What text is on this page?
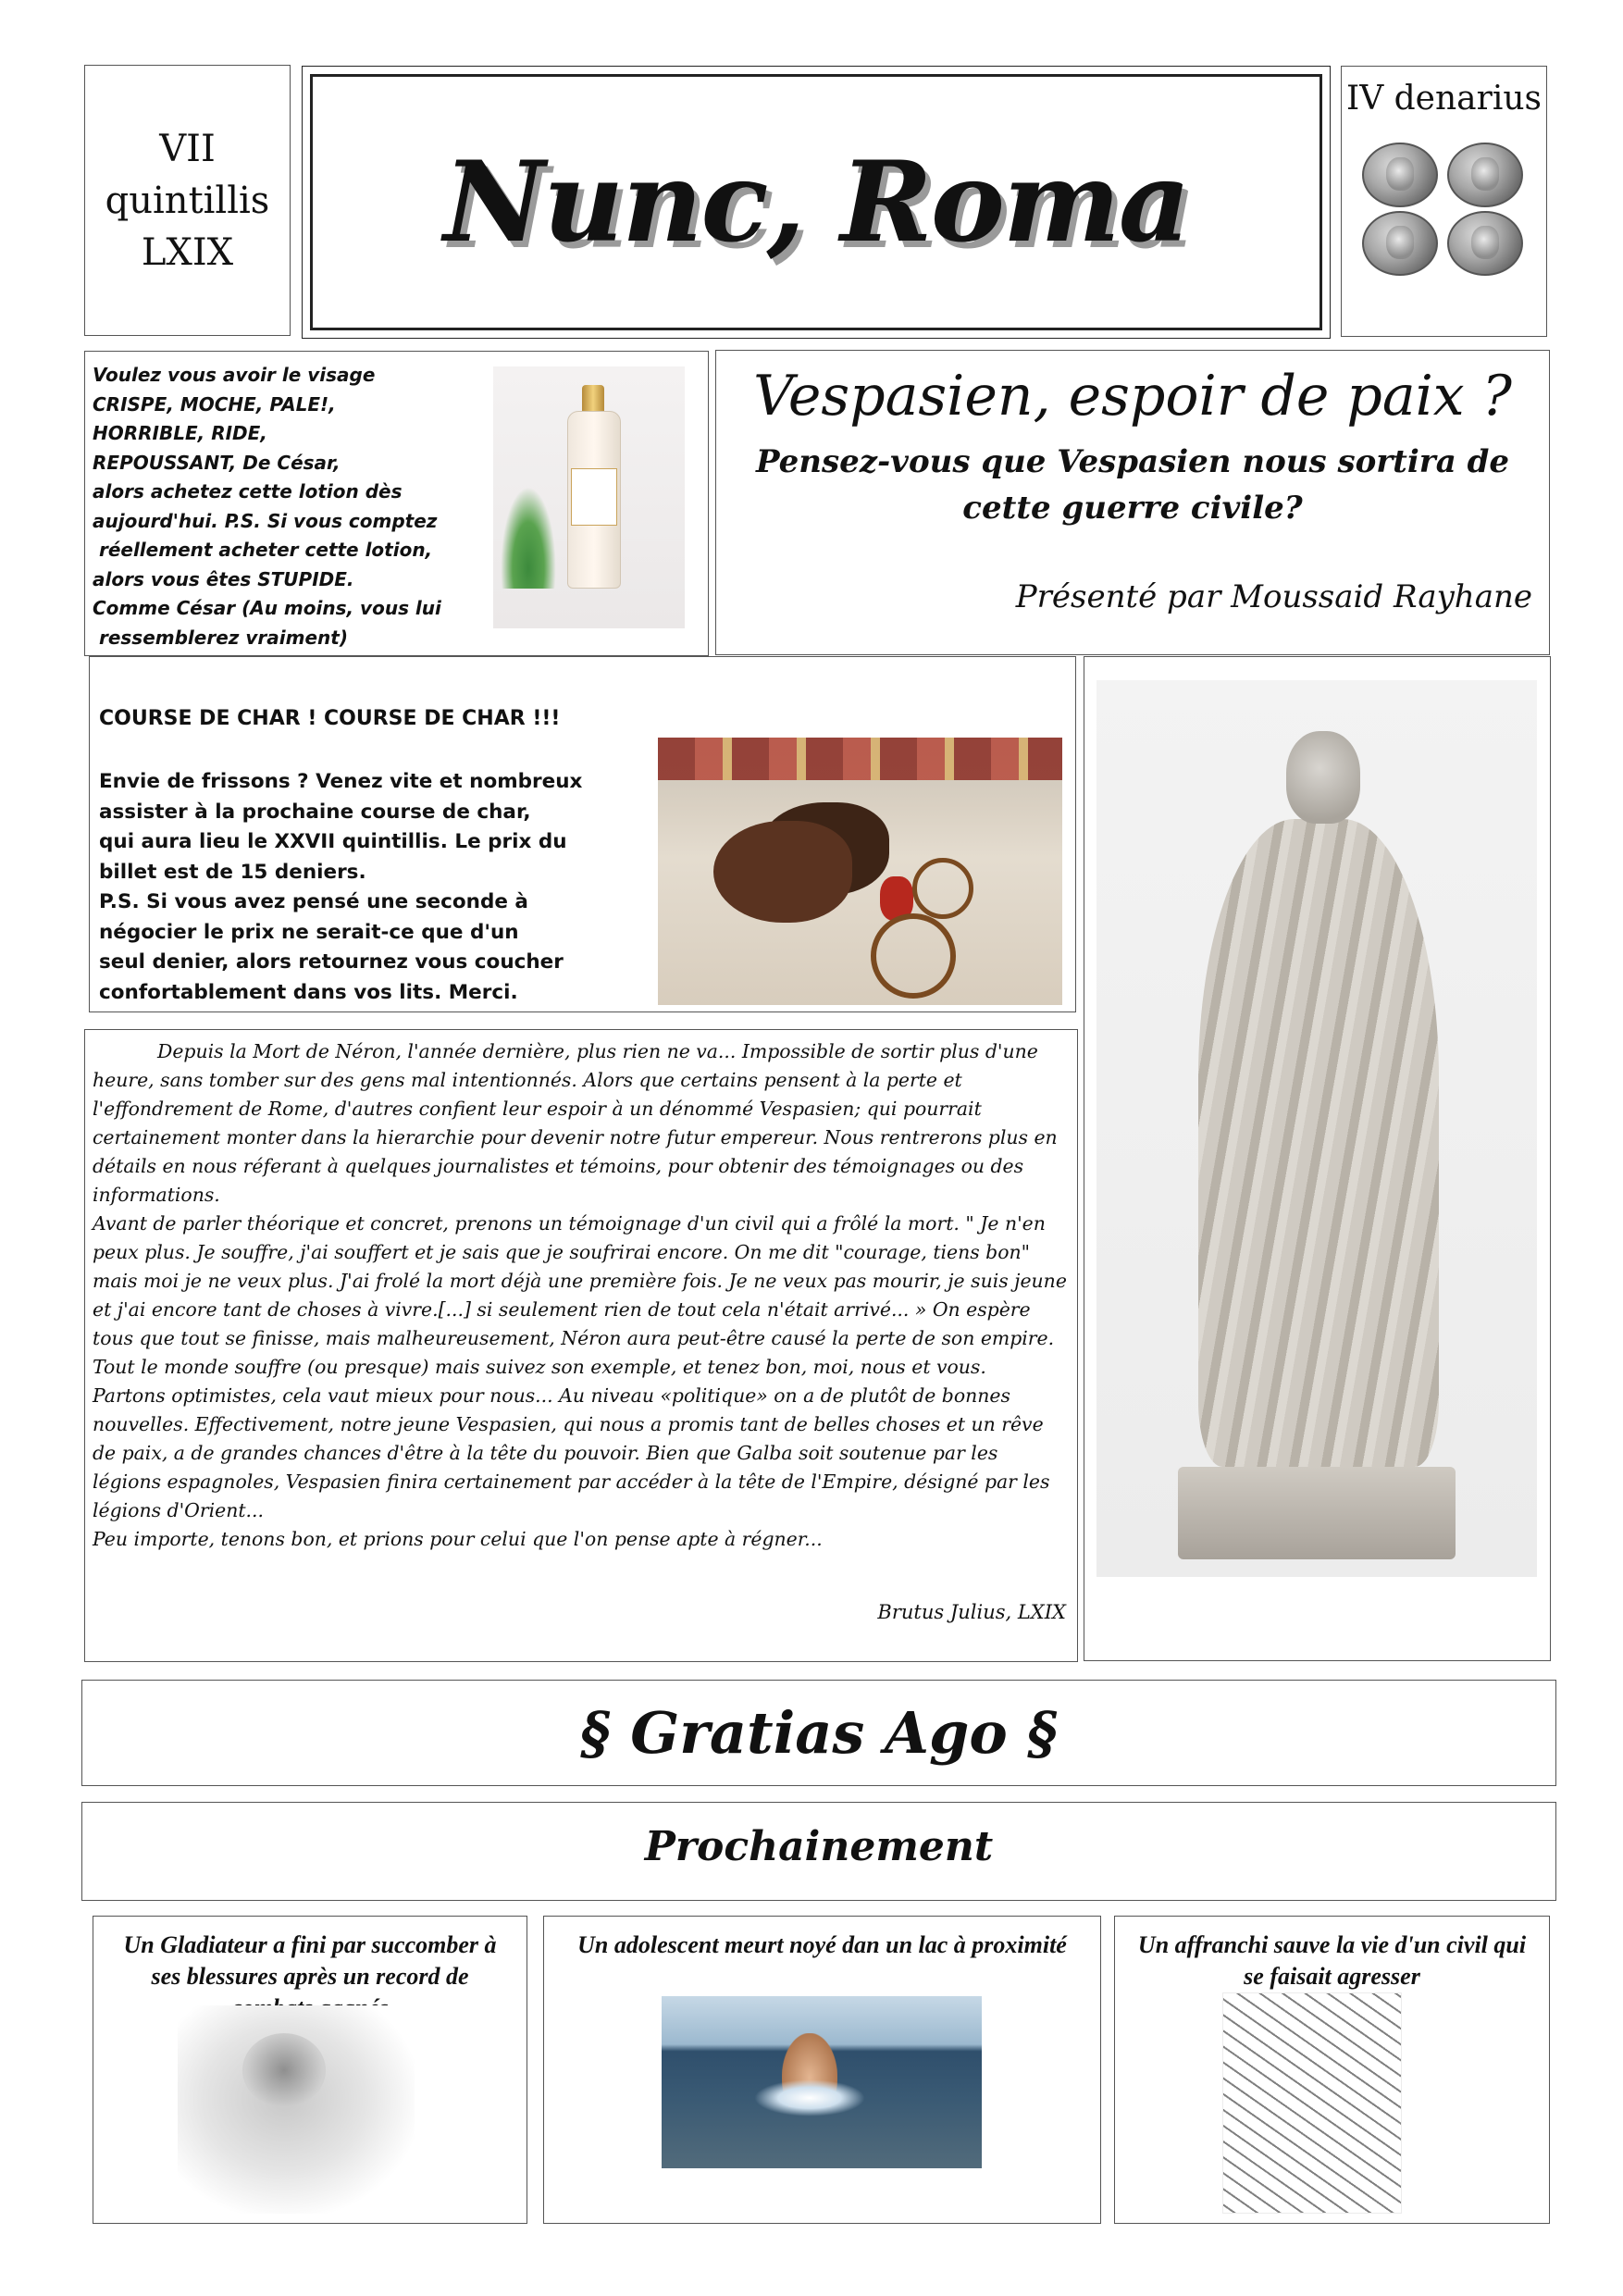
VII
quintillis
LXIX Nunc, Roma
IV denarius
Voulez vous avoir le visage
CRISPE, MOCHE, PALE!,
HORRIBLE, RIDE,
REPOUSSANT, De César,
alors achetez cette lotion dès
aujourd'hui. P.S. Si vous comptez
réellement acheter cette lotion,
alors vous êtes STUPIDE.
Comme César (Au moins, vous lui
ressemblerez vraiment)
Vespasien, espoir de paix ?
Pensez-vous que Vespasien nous sortira de cette guerre civile?
Présenté par Moussaid Rayhane
COURSE DE CHAR ! COURSE DE CHAR !!!
Envie de frissons ? Venez vite et nombreux
assister à la prochaine course de char,
qui aura lieu le XXVII quintillis. Le prix du
billet est de 15 deniers.
P.S. Si vous avez pensé une seconde à
négocier le prix ne serait-ce que d'un
seul denier, alors retournez vous coucher
confortablement dans vos lits. Merci.

Depuis la Mort de Néron, l'année dernière, plus rien ne va... Impossible de sortir plus d'une heure, sans tomber sur des gens mal intentionnés. Alors que certains pensent à la perte et l'effondrement de Rome, d'autres confient leur espoir à un dénommé Vespasien; qui pourrait certainement monter dans la hierarchie pour devenir notre futur empereur. Nous rentrerons plus en détails en nous réferant à quelques journalistes et témoins, pour obtenir des témoignages ou des informations.

Avant de parler théorique et concret, prenons un témoignage d'un civil qui a frôlé la mort. " Je n'en peux plus. Je souffre, j'ai souffert et je sais que je soufrirai encore. On me dit "courage, tiens bon" mais moi je ne veux plus. J'ai frolé la mort déjà une première fois. Je ne veux pas mourir, je suis jeune et j'ai encore tant de choses à vivre.[...] si seulement rien de tout cela n'était arrivé... » On espère tous que tout se finisse, mais malheureusement, Néron aura peut-être causé la perte de son empire. Tout le monde souffre (ou presque) mais suivez son exemple, et tenez bon, moi, nous et vous.

Partons optimistes, cela vaut mieux pour nous... Au niveau «politique» on a de plutôt de bonnes nouvelles. Effectivement, notre jeune Vespasien, qui nous a promis tant de belles choses et un rêve de paix, a de grandes chances d'être à la tête du pouvoir. Bien que Galba soit soutenue par les légions espagnoles, Vespasien finira certainement par accéder à la tête de l'Empire, désigné par les légions d'Orient...

Peu importe, tenons bon, et prions pour celui que l'on pense apte à régner...

Brutus Julius, LXIX
§ Gratias Ago §
Prochainement
Un Gladiateur a fini par succomber à ses blessures après un record de
Un adolescent meurt noyé dan un lac à proximité	Un affranchi sauve la vie d'un civil qui se faisait agresser
